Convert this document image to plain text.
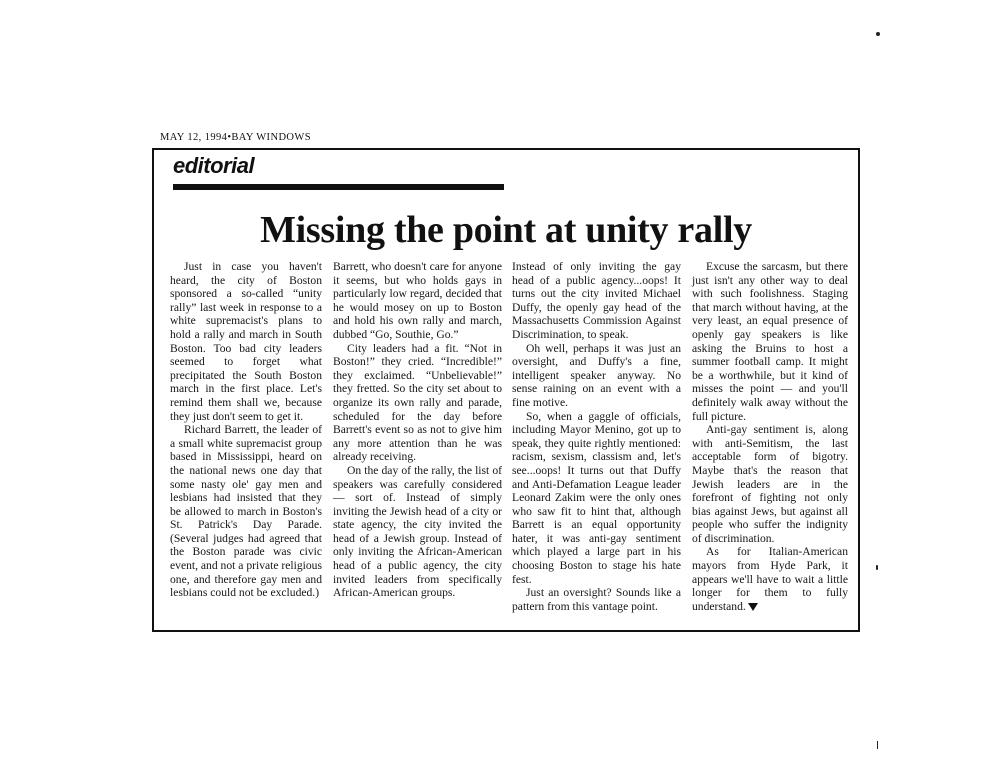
MAY 12, 1994•BAY WINDOWS
editorial
Missing the point at unity rally

Just in case you haven't heard, the city of Boston sponsored a so-called “unity rally” last week in response to a white supremacist's plans to hold a rally and march in South Boston. Too bad city leaders seemed to forget what precipitated the South Boston march in the first place. Let's remind them shall we, because they just don't seem to get it.

Richard Barrett, the leader of a small white supremacist group based in Mississippi, heard on the national news one day that some nasty ole' gay men and lesbians had insisted that they be allowed to march in Boston's St. Patrick's Day Parade. (Several judges had agreed that the Boston parade was civic event, and not a private religious one, and therefore gay men and lesbians could not be excluded.)

Barrett, who doesn't care for anyone it seems, but who holds gays in particularly low regard, decided that he would mosey on up to Boston and hold his own rally and march, dubbed “Go, Southie, Go.”

City leaders had a fit. “Not in Boston!” they cried. “Incredible!” they exclaimed. “Unbelievable!” they fretted. So the city set about to organize its own rally and parade, scheduled for the day before Barrett's event so as not to give him any more attention than he was already receiving.

On the day of the rally, the list of speakers was carefully considered — sort of. Instead of simply inviting the Jewish head of a city or state agency, the city invited the head of a Jewish group. Instead of only inviting the African-American head of a public agency, the city invited leaders from specifically African-American groups.

Instead of only inviting the gay head of a public agency...oops! It turns out the city invited Michael Duffy, the openly gay head of the Massachusetts Commission Against Discrimination, to speak.

Oh well, perhaps it was just an oversight, and Duffy's a fine, intelligent speaker anyway. No sense raining on an event with a fine motive.

So, when a gaggle of officials, including Mayor Menino, got up to speak, they quite rightly mentioned: racism, sexism, classism and, let's see...oops! It turns out that Duffy and Anti-Defamation League leader Leonard Zakim were the only ones who saw fit to hint that, although Barrett is an equal opportunity hater, it was anti-gay sentiment which played a large part in his choosing Boston to stage his hate fest.

Just an oversight? Sounds like a pattern from this vantage point.

Excuse the sarcasm, but there just isn't any other way to deal with such foolishness. Staging that march without having, at the very least, an equal presence of openly gay speakers is like asking the Bruins to host a summer football camp. It might be a worthwhile, but it kind of misses the point — and you'll definitely walk away without the full picture.

Anti-gay sentiment is, along with anti-Semitism, the last acceptable form of bigotry. Maybe that's the reason that Jewish leaders are in the forefront of fighting not only bias against Jews, but against all people who suffer the indignity of discrimination.

As for Italian-American mayors from Hyde Park, it appears we'll have to wait a little longer for them to fully understand.
